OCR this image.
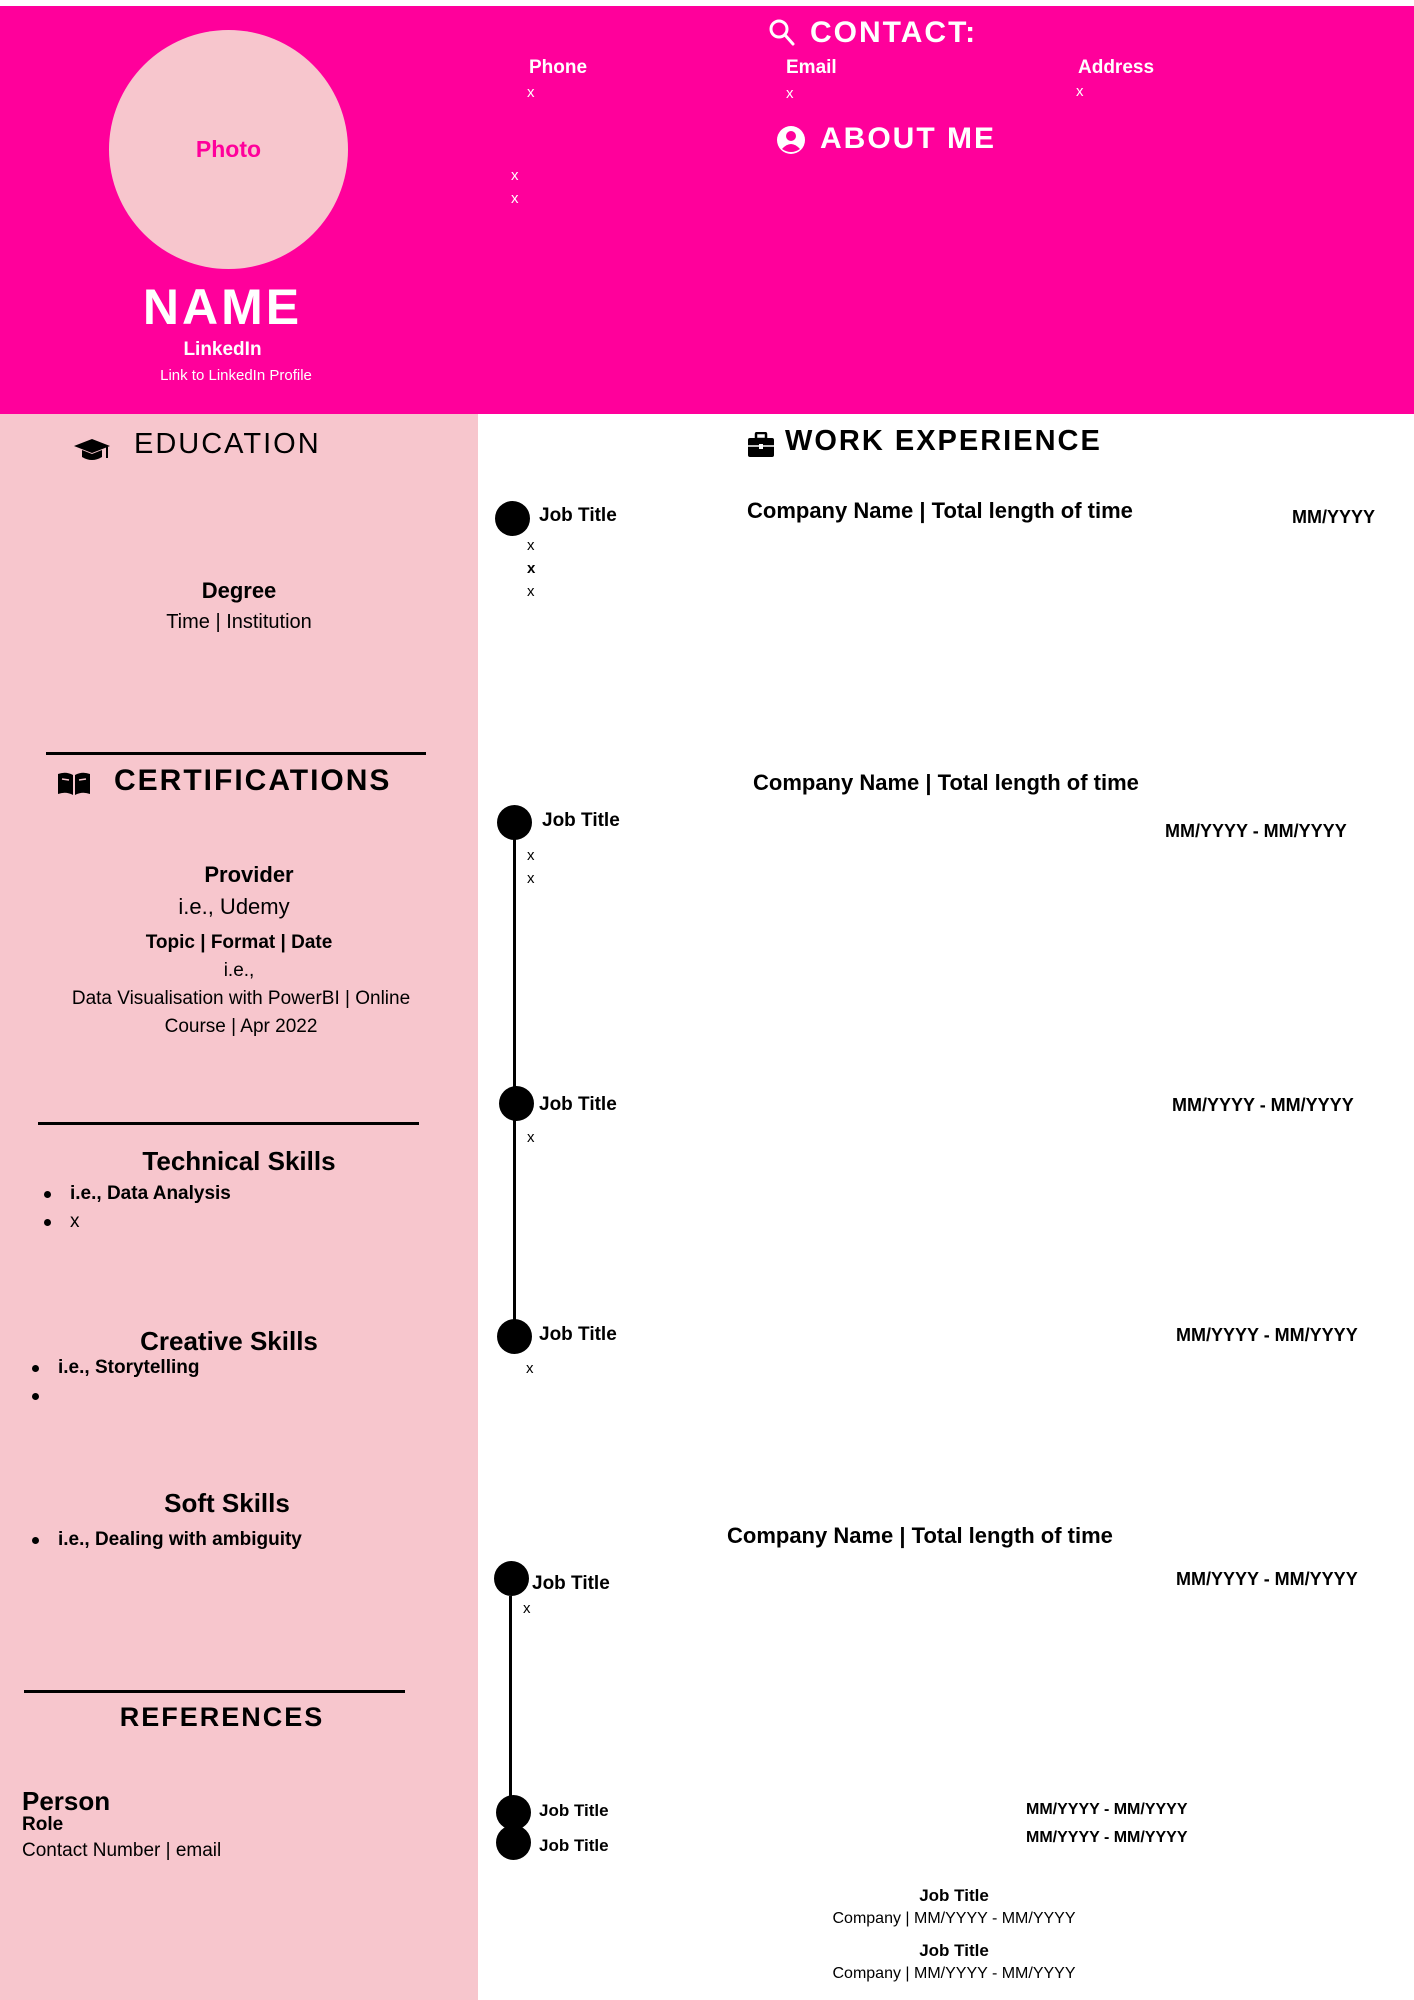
Photo
NAME
LinkedIn
Link to LinkedIn Profile
CONTACT:
Phone
x
Email
x
Address
x
ABOUT ME
x
x
EDUCATION
Degree
Time | Institution
CERTIFICATIONS
Provider
i.e., Udemy
Topic | Format | Date
i.e.,
Data Visualisation with PowerBI | Online
Course | Apr 2022
Technical Skills
i.e., Data Analysis
x
Creative Skills
i.e., Storytelling
Soft Skills
i.e., Dealing with ambiguity
REFERENCES
Person
Role
Contact Number | email
WORK EXPERIENCE
Company Name | Total length of time
Job Title	MM/YYYY
x
x
x
Company Name | Total length of time
Job Title	MM/YYYY - MM/YYYY
x
x
Job Title	MM/YYYY - MM/YYYY
x
Job Title	MM/YYYY - MM/YYYY
x
Company Name | Total length of time
Job Title	MM/YYYY - MM/YYYY
x
Job Title	MM/YYYY - MM/YYYY
Job Title	MM/YYYY - MM/YYYY
Job Title
Company | MM/YYYY - MM/YYYY
Job Title
Company | MM/YYYY - MM/YYYY
